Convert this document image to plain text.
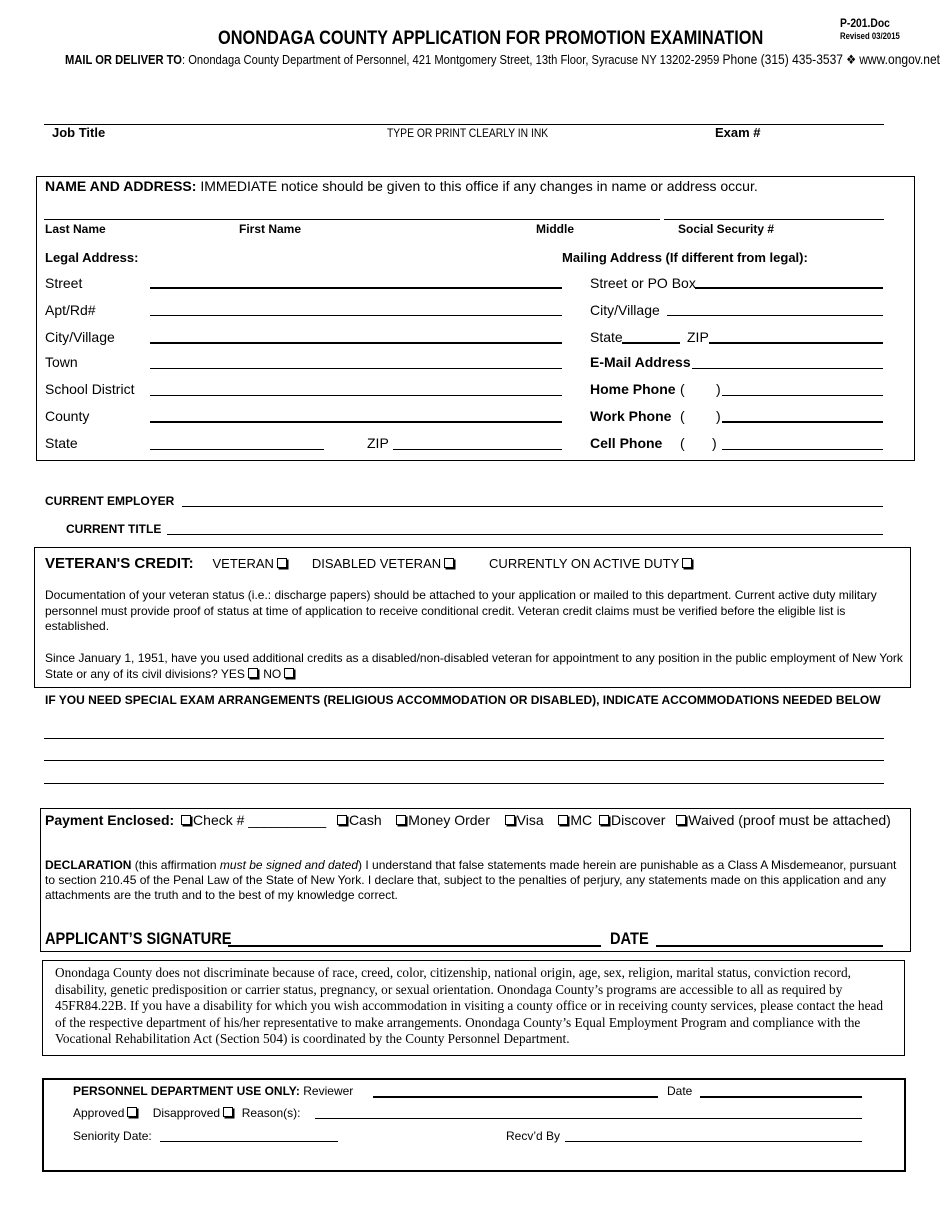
P-201.Doc
Revised 03/2015
ONONDAGA COUNTY APPLICATION FOR PROMOTION EXAMINATION
MAIL OR DELIVER TO: Onondaga County Department of Personnel, 421 Montgomery Street, 13th Floor, Syracuse NY 13202-2959 Phone (315) 435-3537 ❖ www.ongov.net
Job Title	TYPE OR PRINT CLEARLY IN INK	Exam #
NAME AND ADDRESS: IMMEDIATE notice should be given to this office if any changes in name or address occur.
Last Name	First Name	Middle	Social Security #
Legal Address:	Mailing Address (If different from legal):
Street
Apt/Rd#
City/Village
Town
School District
County
State	ZIP
Street or PO Box
City/Village
State	ZIP
E-Mail Address
Home Phone ( )
Work Phone ( )
Cell Phone ( )
CURRENT EMPLOYER
CURRENT TITLE
VETERAN'S CREDIT: VETERAN	DISABLED VETERAN	CURRENTLY ON ACTIVE DUTY
Documentation of your veteran status (i.e.: discharge papers) should be attached to your application or mailed to this department. Current active duty military personnel must provide proof of status at time of application to receive conditional credit. Veteran credit claims must be verified before the eligible list is established.
Since January 1, 1951, have you used additional credits as a disabled/non-disabled veteran for appointment to any position in the public employment of New York State or any of its civil divisions? YES NO
IF YOU NEED SPECIAL EXAM ARRANGEMENTS (RELIGIOUS ACCOMMODATION OR DISABLED), INDICATE ACCOMMODATIONS NEEDED BELOW
Payment Enclosed: Check # __________ Cash Money Order Visa MC Discover Waived (proof must be attached)
DECLARATION (this affirmation must be signed and dated) I understand that false statements made herein are punishable as a Class A Misdemeanor, pursuant to section 210.45 of the Penal Law of the State of New York. I declare that, subject to the penalties of perjury, any statements made on this application and any attachments are the truth and to the best of my knowledge correct.
APPLICANT’S SIGNATURE	DATE
Onondaga County does not discriminate because of race, creed, color, citizenship, national origin, age, sex, religion, marital status, conviction record, disability, genetic predisposition or carrier status, pregnancy, or sexual orientation. Onondaga County’s programs are accessible to all as required by 45FR84.22B. If you have a disability for which you wish accommodation in visiting a county office or in receiving county services, please contact the head of the respective department of his/her representative to make arrangements. Onondaga County’s Equal Employment Program and compliance with the Vocational Rehabilitation Act (Section 504) is coordinated by the County Personnel Department.
PERSONNEL DEPARTMENT USE ONLY: Reviewer	Date
Approved Disapproved Reason(s):
Seniority Date:	Recv’d By
